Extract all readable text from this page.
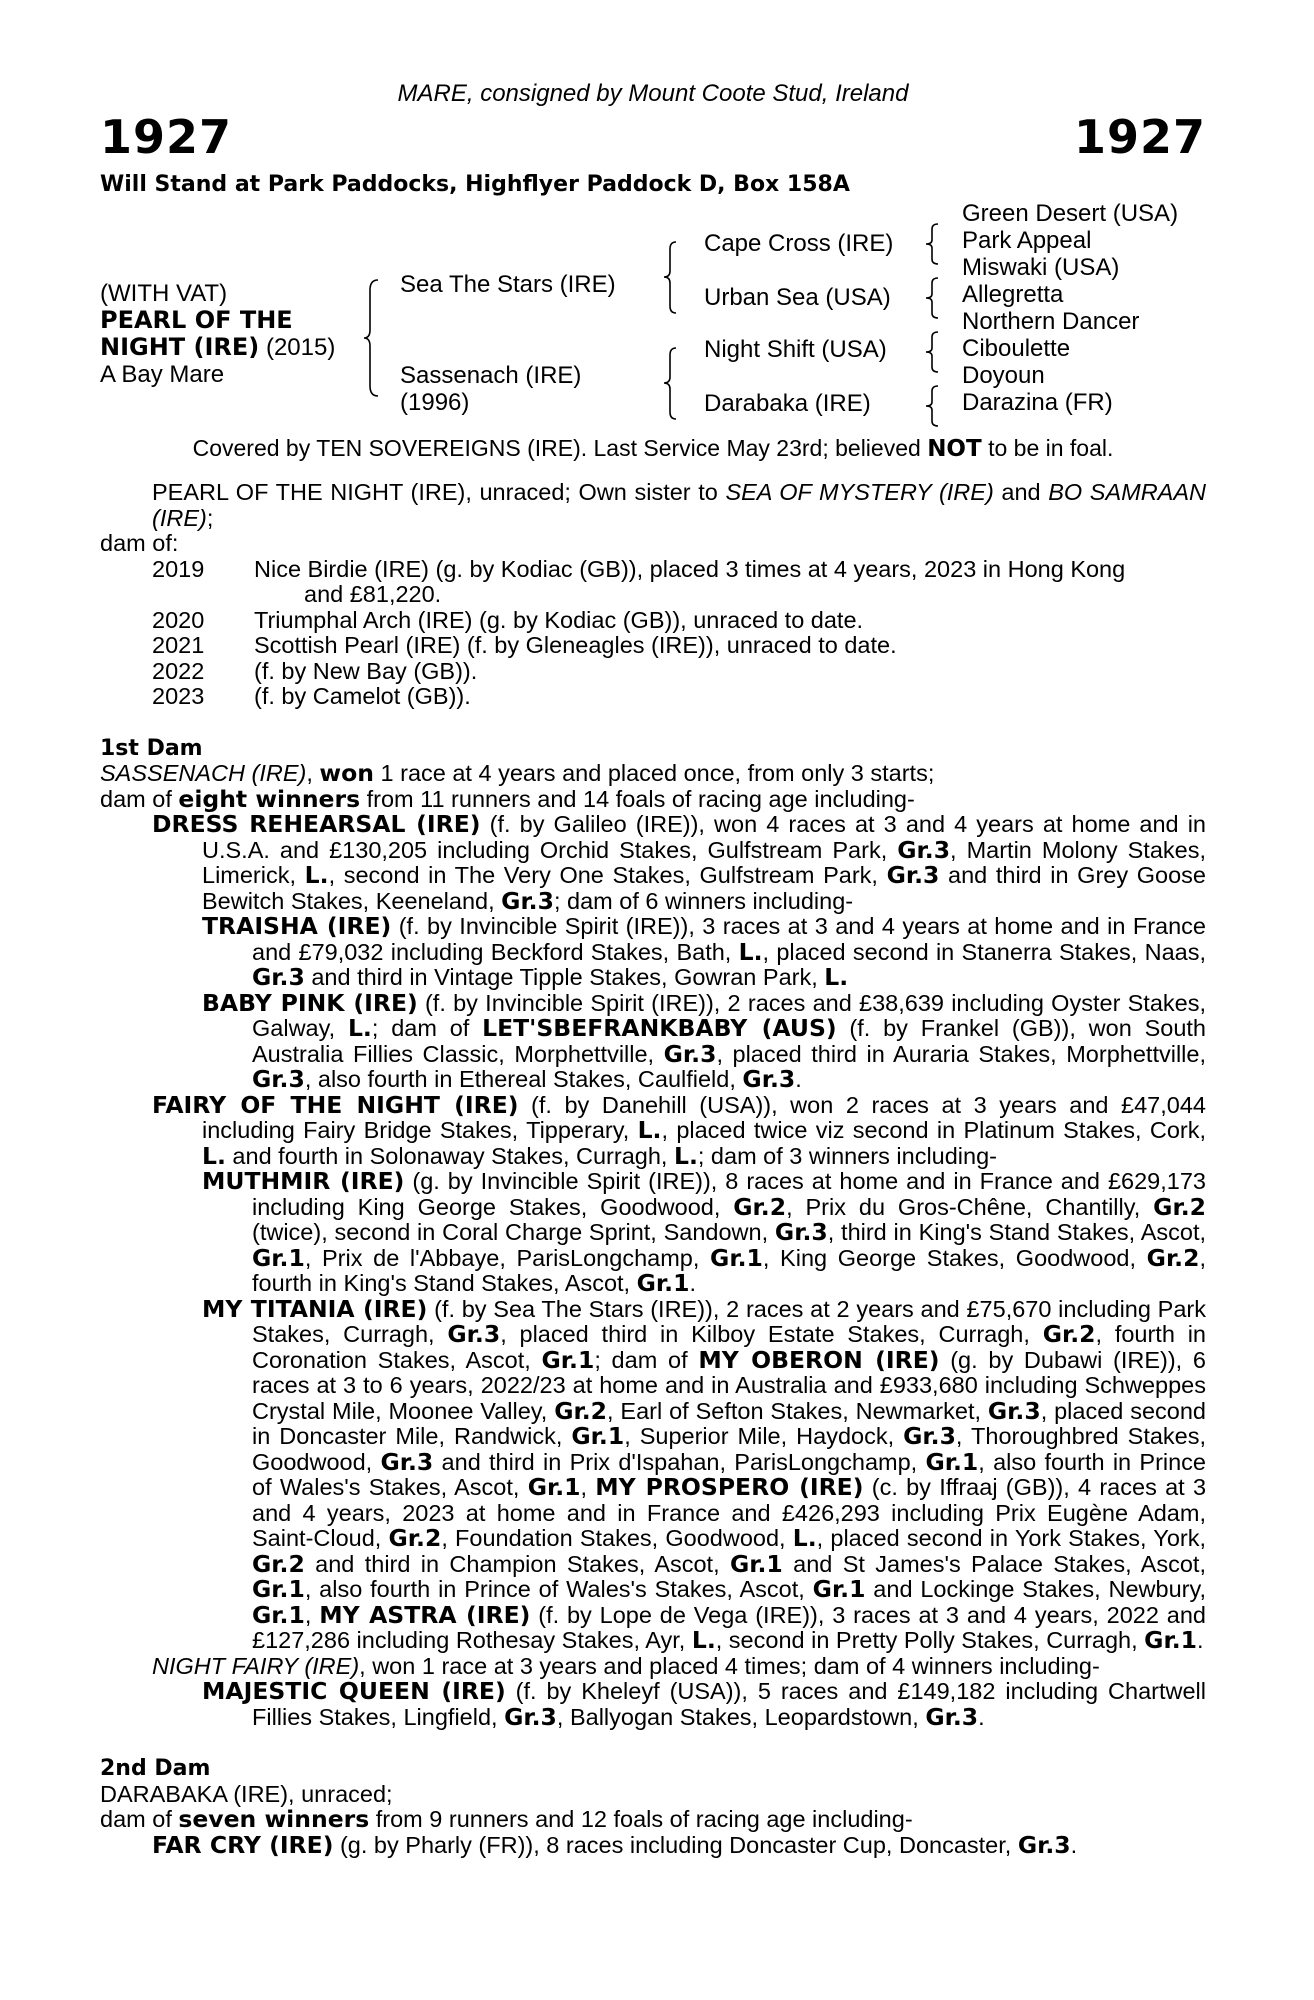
MARE, consigned by Mount Coote Stud, Ireland
1927	1927
Will Stand at Park Paddocks, Highflyer Paddock D, Box 158A
(WITH VAT)
PEARL OF THE
NIGHT (IRE) (2015)
A Bay Mare
Sea The Stars (IRE)
Sassenach (IRE)
(1996)
Cape Cross (IRE)
Urban Sea (USA)
Night Shift (USA)
Darabaka (IRE)
Green Desert (USA)
Park Appeal
Miswaki (USA)
Allegretta
Northern Dancer
Ciboulette
Doyoun
Darazina (FR)
Covered by TEN SOVEREIGNS (IRE). Last Service May 23rd; believed NOT to be in foal.

PEARL OF THE NIGHT (IRE), unraced; Own sister to SEA OF MYSTERY (IRE) and BO SAMRAAN (IRE);

dam of:

2019	Nice Birdie (IRE) (g. by Kodiac (GB)), placed 3 times at 4 years, 2023 in Hong Kong
and £81,220.
2020	Triumphal Arch (IRE) (g. by Kodiac (GB)), unraced to date.
2021	Scottish Pearl (IRE) (f. by Gleneagles (IRE)), unraced to date.
2022	(f. by New Bay (GB)).
2023	(f. by Camelot (GB)).

1st Dam

SASSENACH (IRE), won 1 race at 4 years and placed once, from only 3 starts;

dam of eight winners from 11 runners and 14 foals of racing age including-

DRESS REHEARSAL (IRE) (f. by Galileo (IRE)), won 4 races at 3 and 4 years at home and in U.S.A. and £130,205 including Orchid Stakes, Gulfstream Park, Gr.3, Martin Molony Stakes, Limerick, L., second in The Very One Stakes, Gulfstream Park, Gr.3 and third in Grey Goose Bewitch Stakes, Keeneland, Gr.3; dam of 6 winners including-

TRAISHA (IRE) (f. by Invincible Spirit (IRE)), 3 races at 3 and 4 years at home and in France and £79,032 including Beckford Stakes, Bath, L., placed second in Stanerra Stakes, Naas, Gr.3 and third in Vintage Tipple Stakes, Gowran Park, L.

BABY PINK (IRE) (f. by Invincible Spirit (IRE)), 2 races and £38,639 including Oyster Stakes, Galway, L.; dam of LET'SBEFRANKBABY (AUS) (f. by Frankel (GB)), won South Australia Fillies Classic, Morphettville, Gr.3, placed third in Auraria Stakes, Morphettville, Gr.3, also fourth in Ethereal Stakes, Caulfield, Gr.3.

FAIRY OF THE NIGHT (IRE) (f. by Danehill (USA)), won 2 races at 3 years and £47,044 including Fairy Bridge Stakes, Tipperary, L., placed twice viz second in Platinum Stakes, Cork, L. and fourth in Solonaway Stakes, Curragh, L.; dam of 3 winners including-

MUTHMIR (IRE) (g. by Invincible Spirit (IRE)), 8 races at home and in France and £629,173 including King George Stakes, Goodwood, Gr.2, Prix du Gros-Chêne, Chantilly, Gr.2 (twice), second in Coral Charge Sprint, Sandown, Gr.3, third in King's Stand Stakes, Ascot, Gr.1, Prix de l'Abbaye, ParisLongchamp, Gr.1, King George Stakes, Goodwood, Gr.2, fourth in King's Stand Stakes, Ascot, Gr.1.

MY TITANIA (IRE) (f. by Sea The Stars (IRE)), 2 races at 2 years and £75,670 including Park Stakes, Curragh, Gr.3, placed third in Kilboy Estate Stakes, Curragh, Gr.2, fourth in Coronation Stakes, Ascot, Gr.1; dam of MY OBERON (IRE) (g. by Dubawi (IRE)), 6 races at 3 to 6 years, 2022/23 at home and in Australia and £933,680 including Schweppes Crystal Mile, Moonee Valley, Gr.2, Earl of Sefton Stakes, Newmarket, Gr.3, placed second in Doncaster Mile, Randwick, Gr.1, Superior Mile, Haydock, Gr.3, Thoroughbred Stakes, Goodwood, Gr.3 and third in Prix d'Ispahan, ParisLongchamp, Gr.1, also fourth in Prince of Wales's Stakes, Ascot, Gr.1, MY PROSPERO (IRE) (c. by Iffraaj (GB)), 4 races at 3 and 4 years, 2023 at home and in France and £426,293 including Prix Eugène Adam, Saint-Cloud, Gr.2, Foundation Stakes, Goodwood, L., placed second in York Stakes, York, Gr.2 and third in Champion Stakes, Ascot, Gr.1 and St James's Palace Stakes, Ascot, Gr.1, also fourth in Prince of Wales's Stakes, Ascot, Gr.1 and Lockinge Stakes, Newbury, Gr.1, MY ASTRA (IRE) (f. by Lope de Vega (IRE)), 3 races at 3 and 4 years, 2022 and £127,286 including Rothesay Stakes, Ayr, L., second in Pretty Polly Stakes, Curragh, Gr.1.

NIGHT FAIRY (IRE), won 1 race at 3 years and placed 4 times; dam of 4 winners including-

MAJESTIC QUEEN (IRE) (f. by Kheleyf (USA)), 5 races and £149,182 including Chartwell Fillies Stakes, Lingfield, Gr.3, Ballyogan Stakes, Leopardstown, Gr.3.

2nd Dam

DARABAKA (IRE), unraced;

dam of seven winners from 9 runners and 12 foals of racing age including-

FAR CRY (IRE) (g. by Pharly (FR)), 8 races including Doncaster Cup, Doncaster, Gr.3.
